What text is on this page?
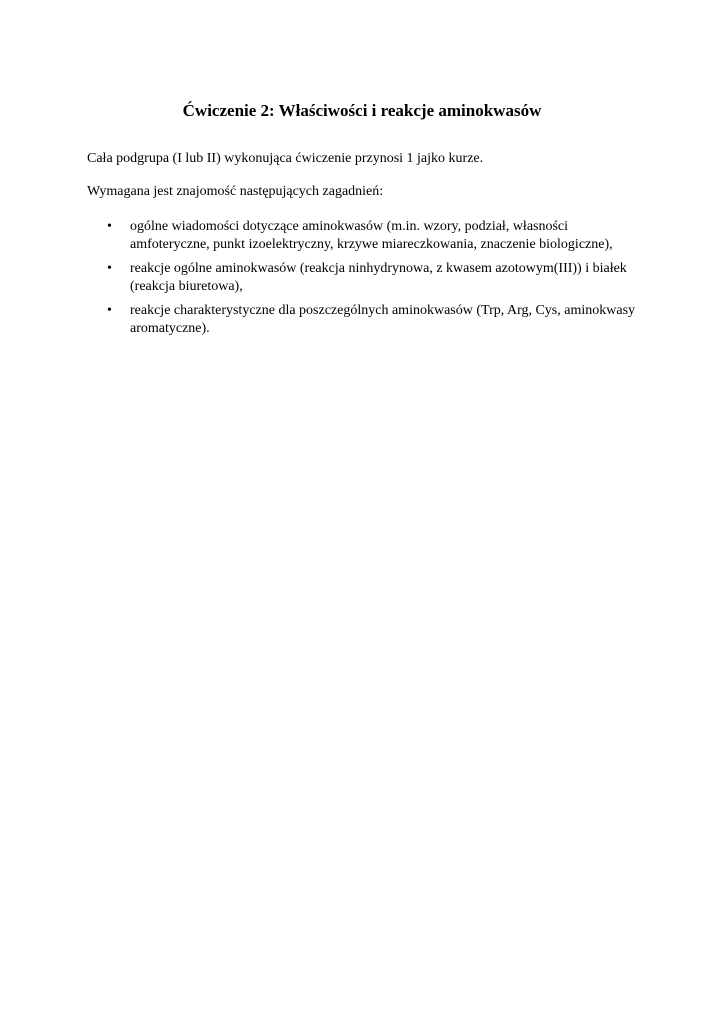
Ćwiczenie 2: Właściwości i reakcje aminokwasów
Cała podgrupa (I lub II) wykonująca ćwiczenie przynosi 1 jajko kurze.
Wymagana jest znajomość następujących zagadnień:
• ogólne wiadomości dotyczące aminokwasów (m.in. wzory, podział, własności amfoteryczne, punkt izoelektryczny, krzywe miareczkowania, znaczenie biologiczne),
• reakcje ogólne aminokwasów (reakcja ninhydrynowa, z kwasem azotowym(III)) i białek (reakcja biuretowa),
• reakcje charakterystyczne dla poszczególnych aminokwasów (Trp, Arg, Cys, aminokwasy aromatyczne).
